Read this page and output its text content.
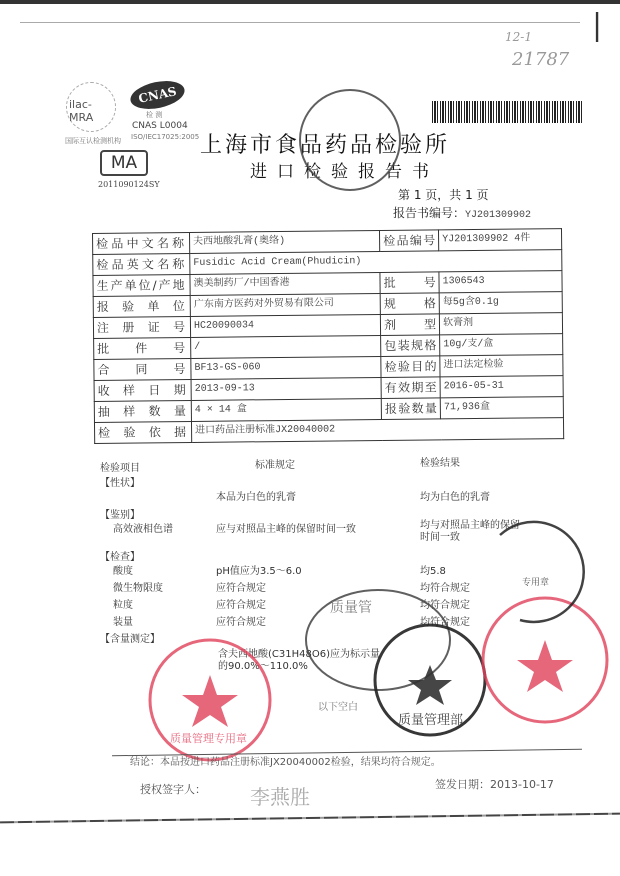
12-1
21787
|
ilac-MRA
国际互认检测机构
CNAS
检 测
CNAS L0004
ISO/IEC17025:2005
MA
2011090124SY
上海市食品药品检验所
进口检验报告书
第 1 页，共 1 页
报告书编号：YJ201309902
检品中文名称	夫西地酸乳膏(奥络)	检品编号	YJ201309902 4件
检品英文名称	Fusidic Acid Cream(Phudicin)		
生产单位/产地	澳美制药厂/中国香港	批 号	1306543
报验单位	广东南方医药对外贸易有限公司	规 格	每5g含0.1g
注册证号	HC20090034	剂 型	软膏剂
批件号	/	包装规格	10g/支/盒
合同号	BF13-GS-060	检验目的	进口法定检验
收样日期	2013-09-13	有效期至	2016-05-31
抽样数量	4 × 14 盒	报验数量	71,936盒
检验依据	进口药品注册标准JX20040002		
检验项目	标准规定	检验结果
【性状】
本品为白色的乳膏	均为白色的乳膏
【鉴别】
高效液相色谱	应与对照品主峰的保留时间一致	均与对照品主峰的保留时间一致
【检查】
酸度	pH值应为3.5～6.0	均5.8
微生物限度	应符合规定	均符合规定
粒度	应符合规定	均符合规定
装量	应符合规定	均符合规定
【含量测定】
含夫西地酸(C31H48O6)应为标示量的90.0%～110.0%
以下空白
质量管理专用章
质量管
质量管理部
专用章
结论：本品按进口药品注册标准JX20040002检验，结果均符合规定。
授权签字人： 李燕胜
签发日期：2013-10-17
